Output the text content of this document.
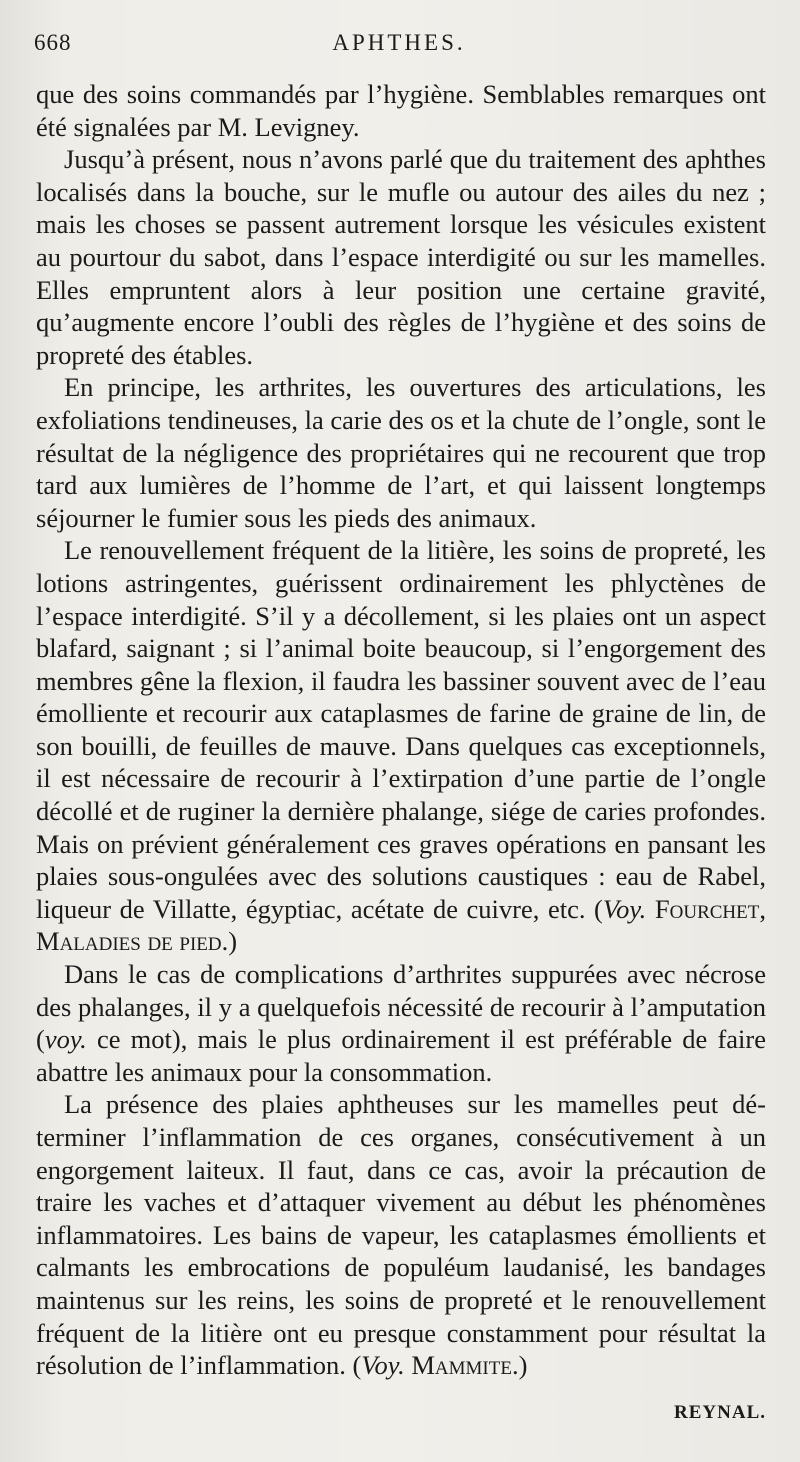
668	APHTHES.

que des soins commandés par l’hygiène. Semblables remarques ont été signalées par M. Levigney.

Jusqu’à présent, nous n’avons parlé que du traitement des aphthes localisés dans la bouche, sur le mufle ou autour des ailes du nez ; mais les choses se passent autrement lorsque les vésicules existent au pourtour du sabot, dans l’espace interdigité ou sur les mamelles. Elles empruntent alors à leur position une certaine gravité, qu’augmente encore l’oubli des règles de l’hygiène et des soins de propreté des étables.

En principe, les arthrites, les ouvertures des articulations, les exfoliations tendineuses, la carie des os et la chute de l’ongle, sont le résultat de la négligence des propriétaires qui ne recourent que trop tard aux lumières de l’homme de l’art, et qui laissent longtemps séjourner le fumier sous les pieds des animaux.

Le renouvellement fréquent de la litière, les soins de propreté, les lotions astringentes, guérissent ordinairement les phlyctènes de l’espace interdigité. S’il y a décollement, si les plaies ont un aspect blafard, saignant ; si l’animal boite beaucoup, si l’engorgement des membres gêne la flexion, il faudra les bassiner souvent avec de l’eau émolliente et recourir aux cataplasmes de farine de graine de lin, de son bouilli, de feuilles de mauve. Dans quelques cas exceptionnels, il est nécessaire de recourir à l’extirpation d’une partie de l’ongle décollé et de ruginer la dernière phalange, siége de caries profondes. Mais on prévient généralement ces graves opérations en pansant les plaies sous-ongulées avec des solutions caustiques : eau de Rabel, liqueur de Villatte, égyptiac, acétate de cuivre, etc. (Voy. Fourchet, Maladies de pied.)

Dans le cas de complications d’arthrites suppurées avec nécrose des phalanges, il y a quelquefois nécessité de recourir à l’amputation (voy. ce mot), mais le plus ordinairement il est préférable de faire abattre les animaux pour la consommation.

La présence des plaies aphtheuses sur les mamelles peut déterminer l’inflammation de ces organes, consécutivement à un engorgement laiteux. Il faut, dans ce cas, avoir la précaution de traire les vaches et d’attaquer vivement au début les phénomènes inflammatoires. Les bains de vapeur, les cataplasmes émollients et calmants les embrocations de populéum laudanisé, les bandages maintenus sur les reins, les soins de propreté et le renouvellement fréquent de la litière ont eu presque constamment pour résultat la résolution de l’inflammation. (Voy. Mammite.)

REYNAL.
